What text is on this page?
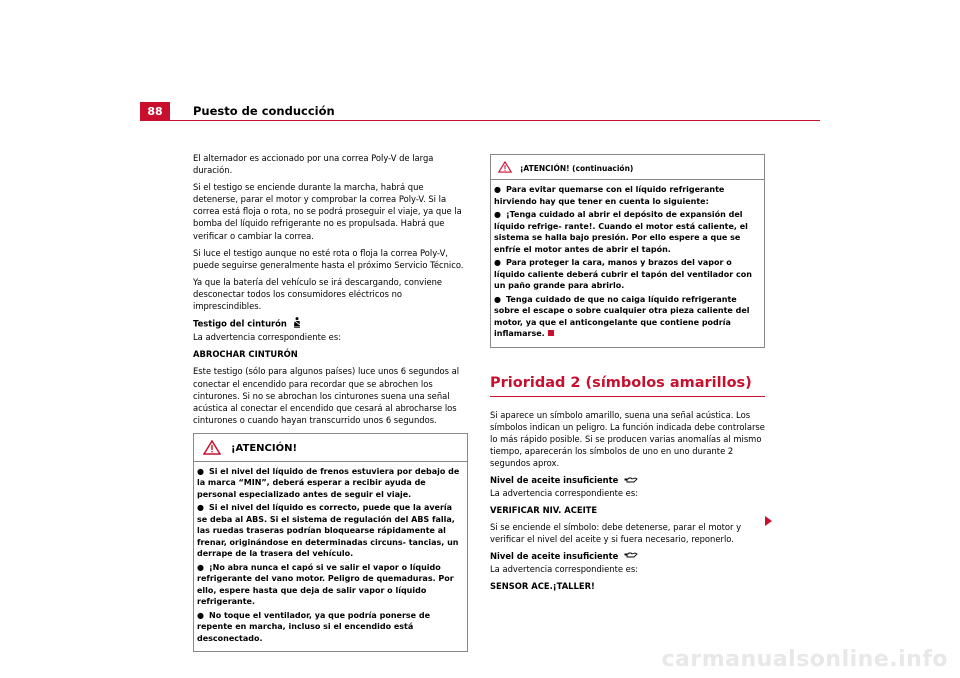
88	Puesto de conducción

El alternador es accionado por una correa Poly-V de larga duración.

Si el testigo se enciende durante la marcha, habrá que detenerse, parar el motor y comprobar la correa Poly-V. Si la correa está floja o rota, no se podrá proseguir el viaje, ya que la bomba del líquido refrigerante no es propulsada. Habrá que verificar o cambiar la correa.

Si luce el testigo aunque no esté rota o floja la correa Poly-V, puede seguirse generalmente hasta el próximo Servicio Técnico.

Ya que la batería del vehículo se irá descargando, conviene desconectar todos los consumidores eléctricos no imprescindibles.

Testigo del cinturón

La advertencia correspondiente es:

ABROCHAR CINTURÓN

Este testigo (sólo para algunos países) luce unos 6 segundos al conectar el encendido para recordar que se abrochen los cinturones. Si no se abrochan los cinturones suena una señal acústica al conectar el encendido que cesará al abrocharse los cinturones o cuando hayan transcurrido unos 6 segundos.

¡ATENCIÓN!

● Si el nivel del líquido de frenos estuviera por debajo de la marca “MIN”, deberá esperar a recibir ayuda de personal especializado antes de seguir el viaje.

● Si el nivel del líquido es correcto, puede que la avería se deba al ABS. Si el sistema de regulación del ABS falla, las ruedas traseras podrían bloquearse rápidamente al frenar, originándose en determinadas circuns- tancias, un derrape de la trasera del vehículo.

● ¡No abra nunca el capó si ve salir el vapor o líquido refrigerante del vano motor. Peligro de quemaduras. Por ello, espere hasta que deja de salir vapor o líquido refrigerante.

● No toque el ventilador, ya que podría ponerse de repente en marcha, incluso si el encendido está desconectado.

¡ATENCIÓN! (continuación)

● Para evitar quemarse con el líquido refrigerante hirviendo hay que tener en cuenta lo siguiente:

● ¡Tenga cuidado al abrir el depósito de expansión del líquido refrige- rante!. Cuando el motor está caliente, el sistema se halla bajo presión. Por ello espere a que se enfríe el motor antes de abrir el tapón.

● Para proteger la cara, manos y brazos del vapor o líquido caliente deberá cubrir el tapón del ventilador con un paño grande para abrirlo.

● Tenga cuidado de que no caiga líquido refrigerante sobre el escape o sobre cualquier otra pieza caliente del motor, ya que el anticongelante que contiene podría inflamarse.

Prioridad 2 (símbolos amarillos)

Si aparece un símbolo amarillo, suena una señal acústica. Los símbolos indican un peligro. La función indicada debe controlarse lo más rápido posible. Si se producen varias anomalías al mismo tiempo, aparecerán los símbolos de uno en uno durante 2 segundos aprox.

Nivel de aceite insuficiente

La advertencia correspondiente es:

VERIFICAR NIV. ACEITE

Si se enciende el símbolo: debe detenerse, parar el motor y verificar el nivel del aceite y si fuera necesario, reponerlo.

Nivel de aceite insuficiente

La advertencia correspondiente es:

SENSOR ACE.¡TALLER!

carmanualsonline.info
